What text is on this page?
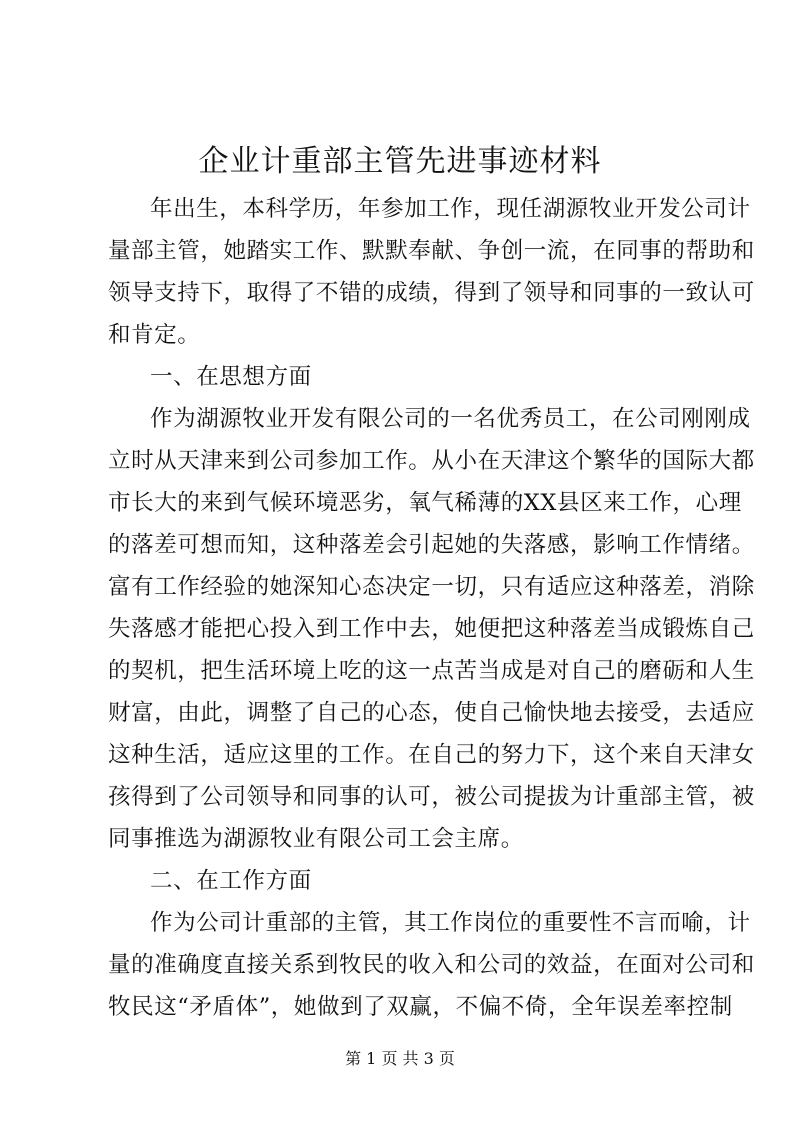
企业计重部主管先进事迹材料
年出生，本科学历，年参加工作，现任湖源牧业开发公司计
量部主管，她踏实工作、默默奉献、争创一流，在同事的帮助和
领导支持下，取得了不错的成绩，得到了领导和同事的一致认可
和肯定。
一、在思想方面
作为湖源牧业开发有限公司的一名优秀员工，在公司刚刚成
立时从天津来到公司参加工作。从小在天津这个繁华的国际大都
市长大的来到气候环境恶劣，氧气稀薄的XX县区来工作，心理
的落差可想而知，这种落差会引起她的失落感，影响工作情绪。
富有工作经验的她深知心态决定一切，只有适应这种落差，消除
失落感才能把心投入到工作中去，她便把这种落差当成锻炼自己
的契机，把生活环境上吃的这一点苦当成是对自己的磨砺和人生
财富，由此，调整了自己的心态，使自己愉快地去接受，去适应
这种生活，适应这里的工作。在自己的努力下，这个来自天津女
孩得到了公司领导和同事的认可，被公司提拔为计重部主管，被
同事推选为湖源牧业有限公司工会主席。
二、在工作方面
作为公司计重部的主管，其工作岗位的重要性不言而喻，计
量的准确度直接关系到牧民的收入和公司的效益，在面对公司和
牧民这“矛盾体”，她做到了双赢，不偏不倚，全年误差率控制
第 1 页 共 3 页
